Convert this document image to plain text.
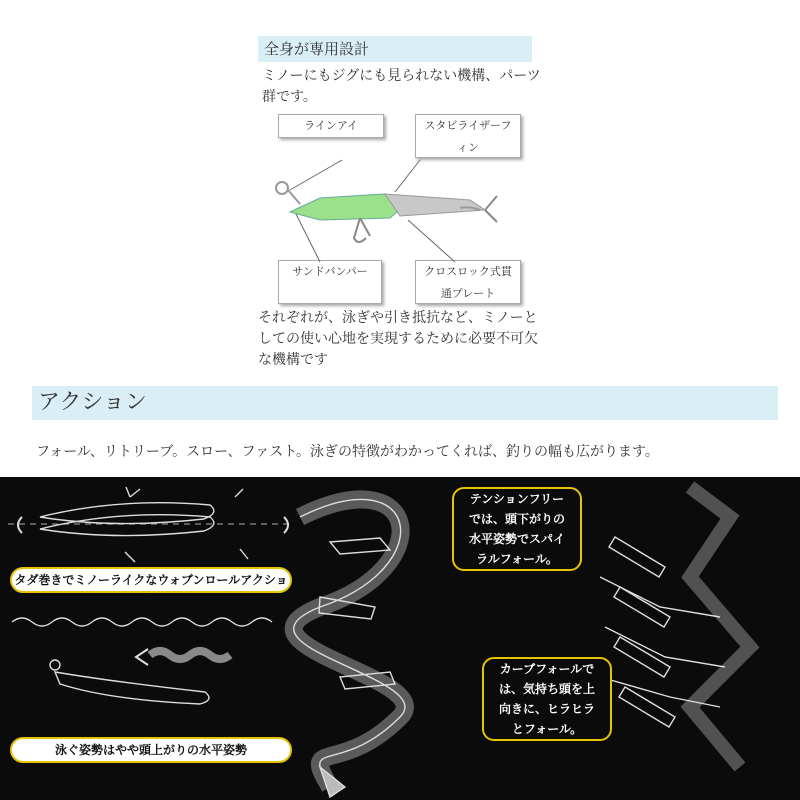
全身が専用設計
ミノーにもジグにも見られない機構、パーツ群です。
ラインアイ	スタビライザーフィン
サンドバンパー	クロスロック式貫通プレート
それぞれが、泳ぎや引き抵抗など、ミノーとしての使い心地を実現するために必要不可欠な機構です
アクション
フォール、リトリーブ。スロー、ファスト。泳ぎの特徴がわかってくれば、釣りの幅も広がります。
タダ巻きでミノーライクなウォブンロールアクション
泳ぐ姿勢はやや頭上がりの水平姿勢
テンションフリーでは、頭下がりの水平姿勢でスパイラルフォール。
カーブフォールでは、気持ち頭を上向きに、ヒラヒラとフォール。
